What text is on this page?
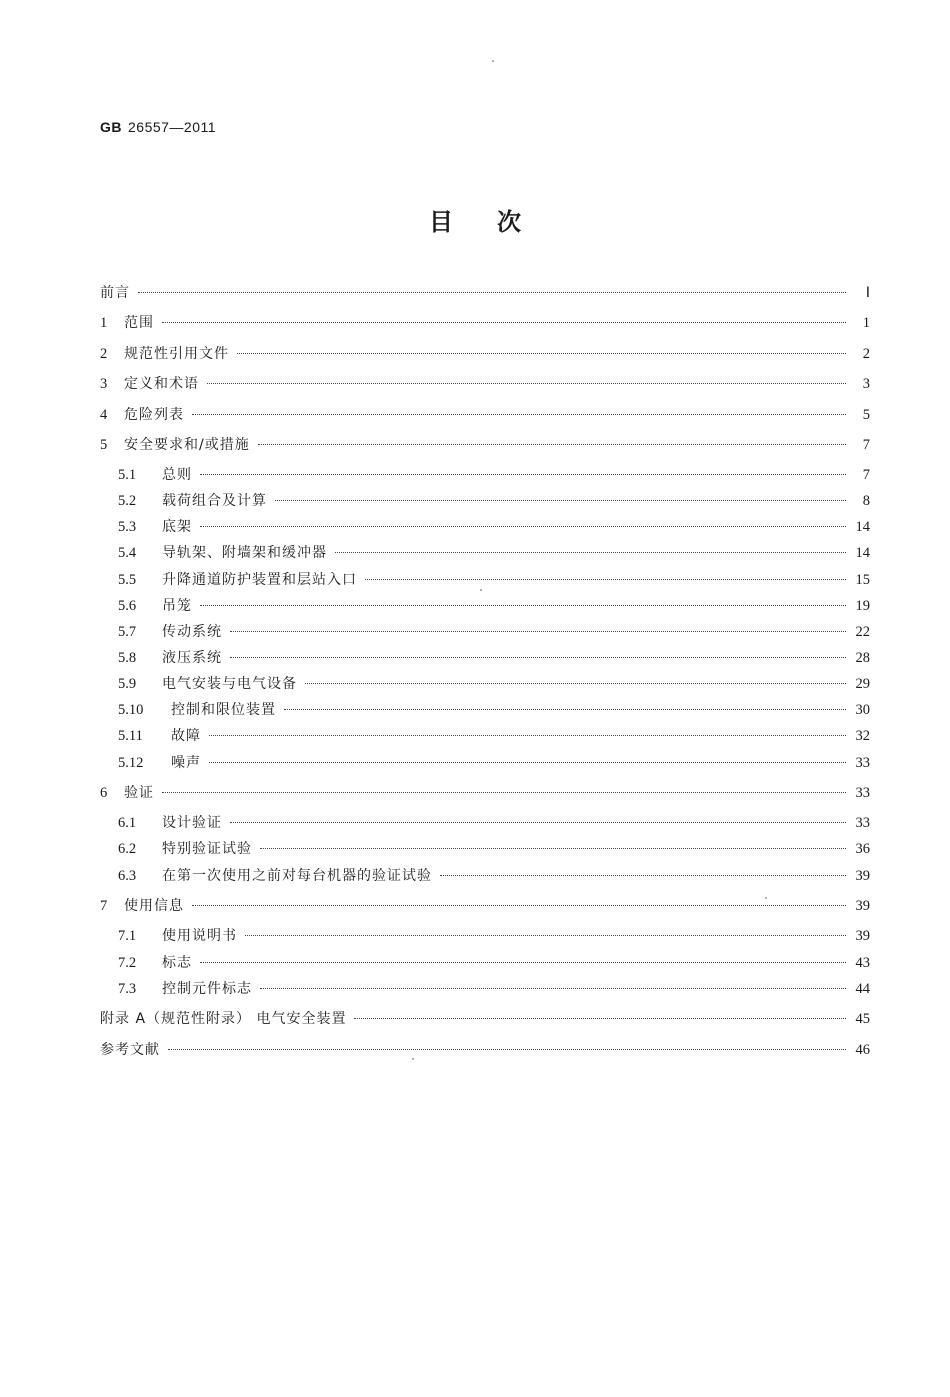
GB 26557—2011
目次
前言	Ⅰ
1	范围	1
2	规范性引用文件	2
3	定义和术语	3
4	危险列表	5
5	安全要求和/或措施	7
5.1	总则	7
5.2	载荷组合及计算	8
5.3	底架	14
5.4	导轨架、附墙架和缓冲器	14
5.5	升降通道防护装置和层站入口	15
5.6	吊笼	19
5.7	传动系统	22
5.8	液压系统	28
5.9	电气安装与电气设备	29
5.10	控制和限位装置	30
5.11	故障	32
5.12	噪声	33
6	验证	33
6.1	设计验证	33
6.2	特别验证试验	36
6.3	在第一次使用之前对每台机器的验证试验	39
7	使用信息	39
7.1	使用说明书	39
7.2	标志	43
7.3	控制元件标志	44
附录 A（规范性附录） 电气安全装置	45
参考文献	46
